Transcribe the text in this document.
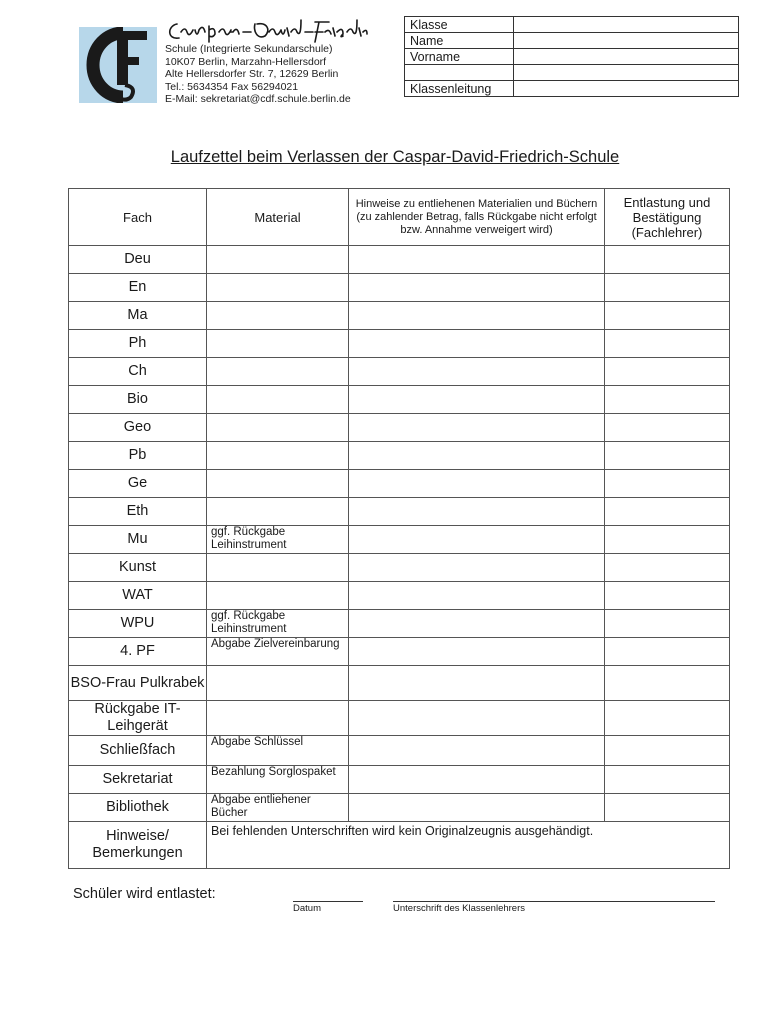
Schule (Integrierte Sekundarschule)
10K07 Berlin, Marzahn-Hellersdorf
Alte Hellersdorfer Str. 7, 12629 Berlin
Tel.: 5634354 Fax 56294021
E-Mail: sekretariat@cdf.schule.berlin.de
Klasse	
Name	
Vorname	

Klassenleitung	
Laufzettel beim Verlassen der Caspar-David-Friedrich-Schule
Fach	Material	Hinweise zu entliehenen Materialien und Büchern (zu zahlender Betrag, falls Rückgabe nicht erfolgt bzw. Annahme verweigert wird)	Entlastung und Bestätigung (Fachlehrer)
Deu			
En			
Ma			
Ph			
Ch			
Bio			
Geo			
Pb			
Ge			
Eth			
Mu	ggf. Rückgabe Leihinstrument		
Kunst			
WAT			
WPU	ggf. Rückgabe Leihinstrument		
4. PF	Abgabe Zielvereinbarung		
BSO-Frau Pulkrabek			
Rückgabe IT-Leihgerät			
Schließfach	Abgabe Schlüssel		
Sekretariat	Bezahlung Sorglospaket		
Bibliothek	Abgabe entliehener Bücher		
Hinweise/ Bemerkungen	Bei fehlenden Unterschriften wird kein Originalzeugnis ausgehändigt.		
Schüler wird entlastet:
Datum	Unterschrift des Klassenlehrers
